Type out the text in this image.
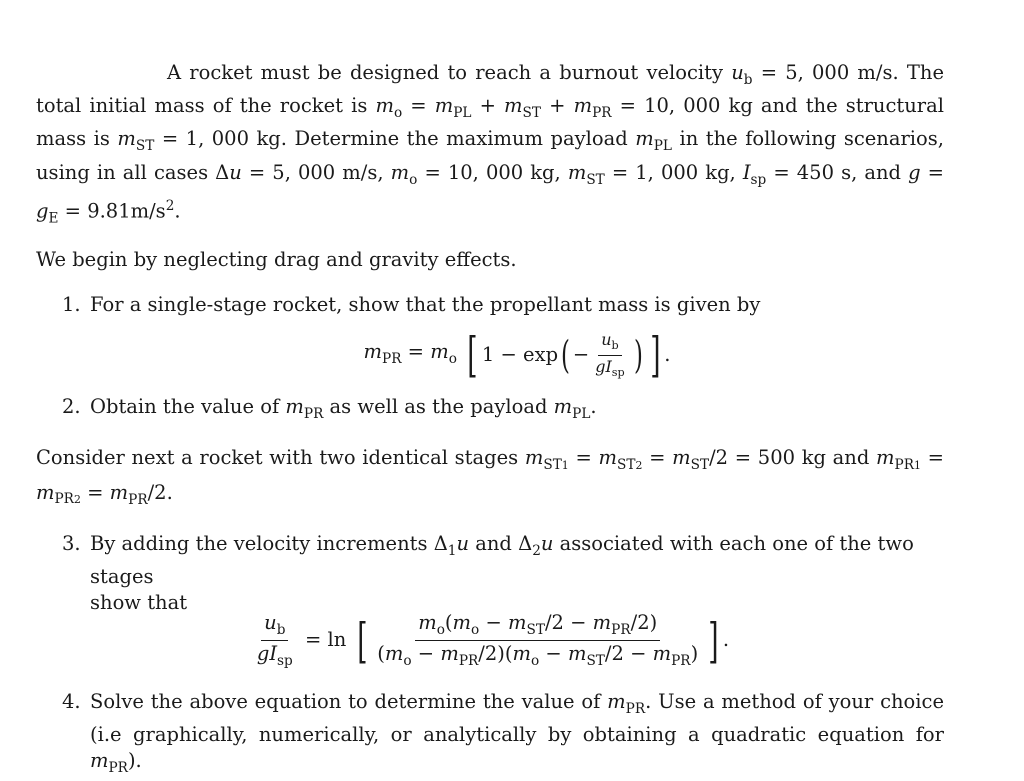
A rocket must be designed to reach a burnout velocity $u_b = 5$, 000 m/s. The total initial mass of the rocket is $m_o = m_{PL} + m_{ST} + m_{PR} = 10$, 000 kg and the structural mass is $m_{ST} = 1$, 000 kg. Determine the maximum payload $m_{PL}$ in the following scenarios, using in all cases Δu = 5, 000 m/s, $m_o = 10$, 000 kg, $m_{ST} = 1$, 000 kg, $I_{sp} = 450$ s, and $g = g_E = 9.81m/s^2$.

We begin by neglecting drag and gravity effects.

1. For a single-stage rocket, show that the propellant mass is given by
$m_{PR} = m_o$ [ 1 − exp ( − $\frac{u_b}{gI_{sp}}$ ) ] .
2. Obtain the value of $m_{PR}$ as well as the payload $m_{PL}$.

Consider next a rocket with two identical stages $m_{ST1} = m_{ST2} = m_{ST}/2 = 500$ kg and $m_{PR1} = m_{PR2} = m_{PR}/2$.

3. By adding the velocity increments $\Delta_1u$ and $\Delta_2u$ associated with each one of the two stages
show that
$\frac{u_b}{gI_{sp}} = \ln$ [ $\frac{m_o(m_o - m_{ST}/2 - m_{PR}/2)}{(m_o - m_{PR}/2)(m_o - m_{ST}/2 - m_{PR})}$ ] .
4. Solve the above equation to determine the value of $m_{PR}$. Use a method of your choice (i.e graphically, numerically, or analytically by obtaining a quadratic equation for $m_{PR}$).
